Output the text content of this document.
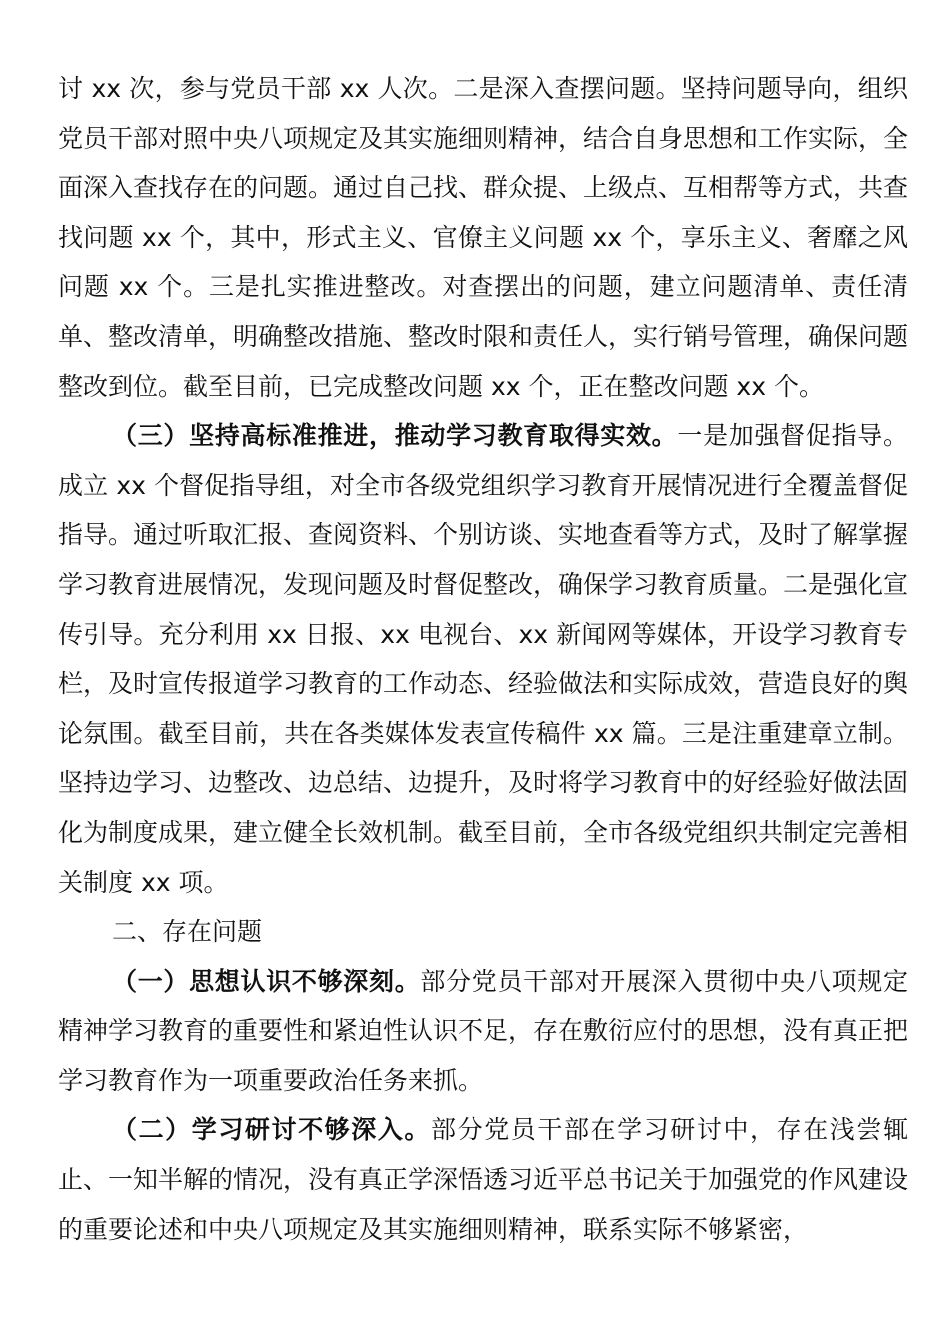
讨 xx 次，参与党员干部 xx 人次。二是深入查摆问题。坚持问题导向，组织党员干部对照中央八项规定及其实施细则精神，结合自身思想和工作实际，全面深入查找存在的问题。通过自己找、群众提、上级点、互相帮等方式，共查找问题 xx 个，其中，形式主义、官僚主义问题 xx 个，享乐主义、奢靡之风问题 xx 个。三是扎实推进整改。对查摆出的问题，建立问题清单、责任清单、整改清单，明确整改措施、整改时限和责任人，实行销号管理，确保问题整改到位。截至目前，已完成整改问题 xx 个，正在整改问题 xx 个。

（三）坚持高标准推进，推动学习教育取得实效。一是加强督促指导。成立 xx 个督促指导组，对全市各级党组织学习教育开展情况进行全覆盖督促指导。通过听取汇报、查阅资料、个别访谈、实地查看等方式，及时了解掌握学习教育进展情况，发现问题及时督促整改，确保学习教育质量。二是强化宣传引导。充分利用 xx 日报、xx 电视台、xx 新闻网等媒体，开设学习教育专栏，及时宣传报道学习教育的工作动态、经验做法和实际成效，营造良好的舆论氛围。截至目前，共在各类媒体发表宣传稿件 xx 篇。三是注重建章立制。坚持边学习、边整改、边总结、边提升，及时将学习教育中的好经验好做法固化为制度成果，建立健全长效机制。截至目前，全市各级党组织共制定完善相关制度 xx 项。

二、存在问题

（一）思想认识不够深刻。部分党员干部对开展深入贯彻中央八项规定精神学习教育的重要性和紧迫性认识不足，存在敷衍应付的思想，没有真正把学习教育作为一项重要政治任务来抓。

（二）学习研讨不够深入。部分党员干部在学习研讨中，存在浅尝辄止、一知半解的情况，没有真正学深悟透习近平总书记关于加强党的作风建设的重要论述和中央八项规定及其实施细则精神，联系实际不够紧密，
